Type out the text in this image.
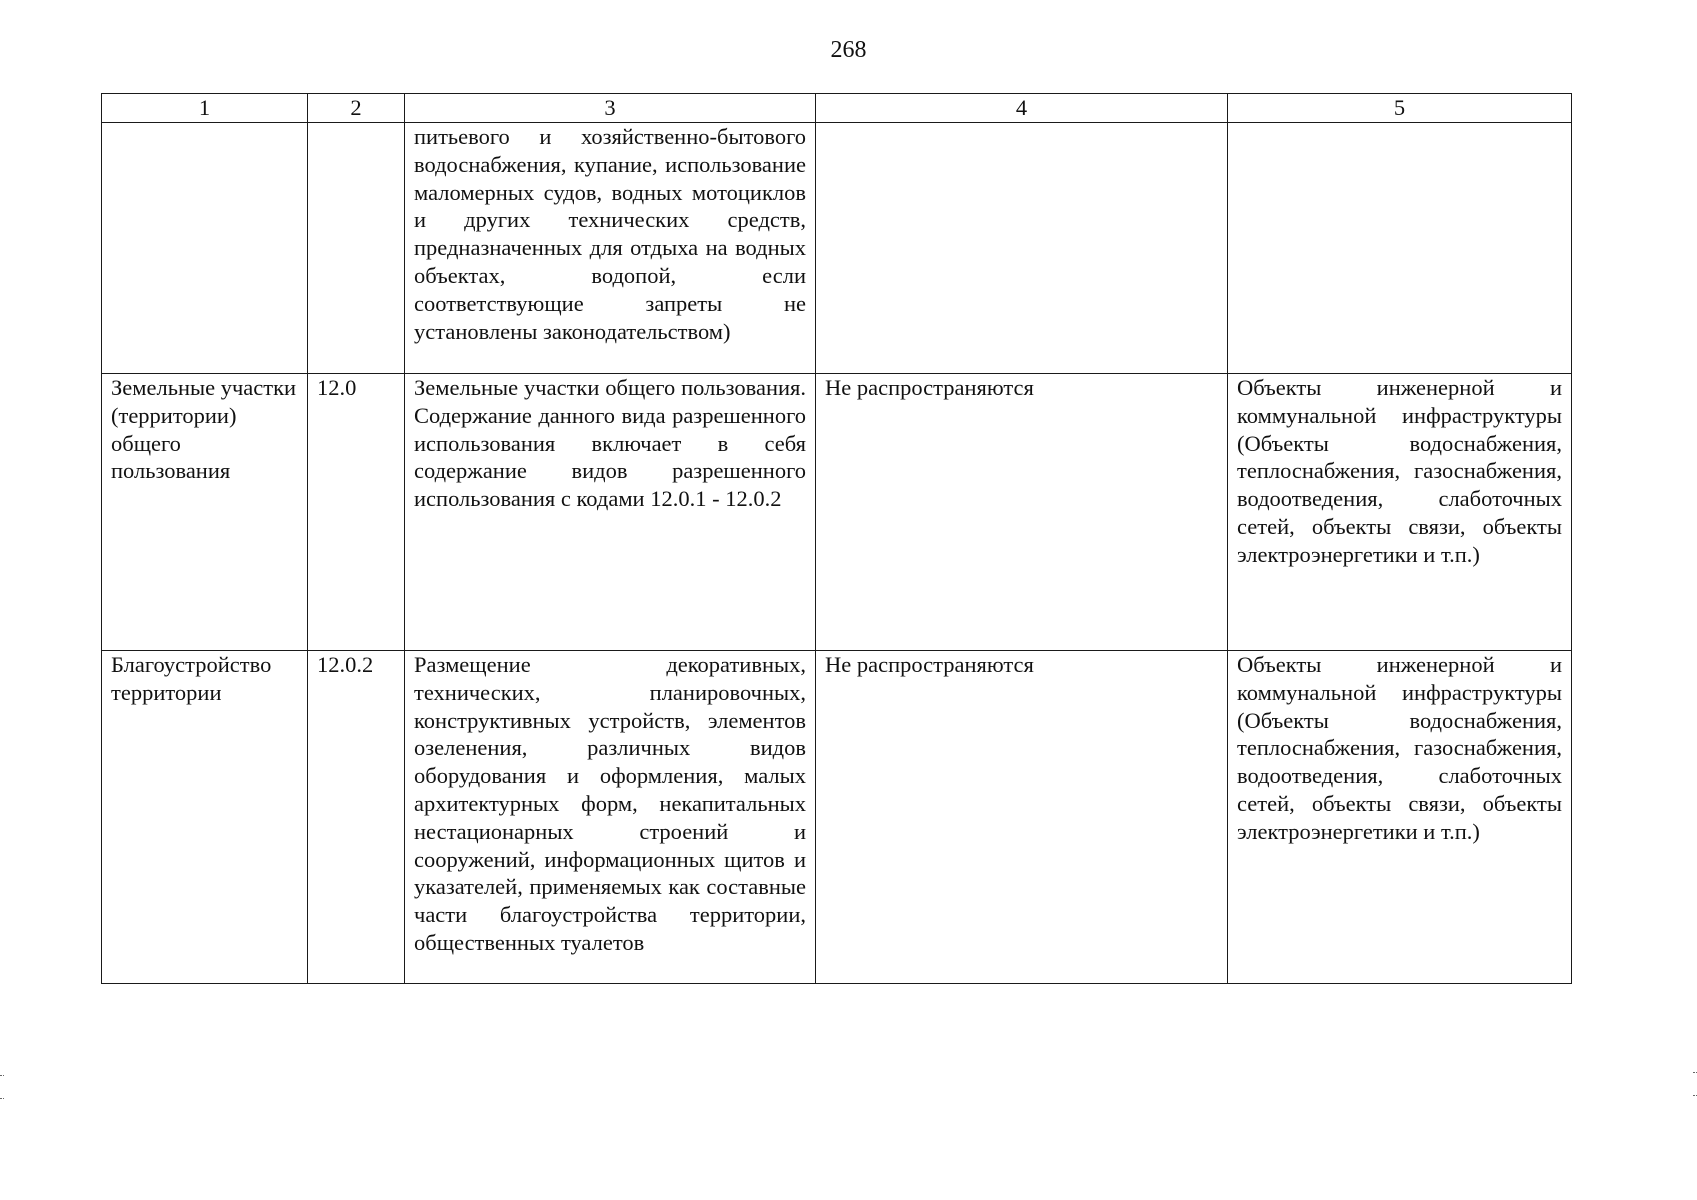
268
1	2	3	4	5
		питьевого и хозяйственно-бытового водоснабжения, купание, использование маломерных судов, водных мотоциклов и других технических средств, предназначенных для отдыха на водных объектах, водопой, если соответствующие запреты не установлены законодательством)		
Земельные участки (территории) общего пользования	12.0	Земельные участки общего пользования. Содержание данного вида разрешенного использования включает в себя содержание видов разрешенного использования с кодами 12.0.1 - 12.0.2	Не распространяются	Объекты инженерной и коммунальной инфраструктуры (Объекты водоснабжения, теплоснабжения, газоснабжения, водоотведения, слаботочных сетей, объекты связи, объекты электроэнергетики и т.п.)
Благоустройство территории	12.0.2	Размещение декоративных, технических, планировочных, конструктивных устройств, элементов озеленения, различных видов оборудования и оформления, малых архитектурных форм, некапитальных нестационарных строений и сооружений, информационных щитов и указателей, применяемых как составные части благоустройства территории, общественных туалетов	Не распространяются	Объекты инженерной и коммунальной инфраструктуры (Объекты водоснабжения, теплоснабжения, газоснабжения, водоотведения, слаботочных сетей, объекты связи, объекты электроэнергетики и т.п.)
